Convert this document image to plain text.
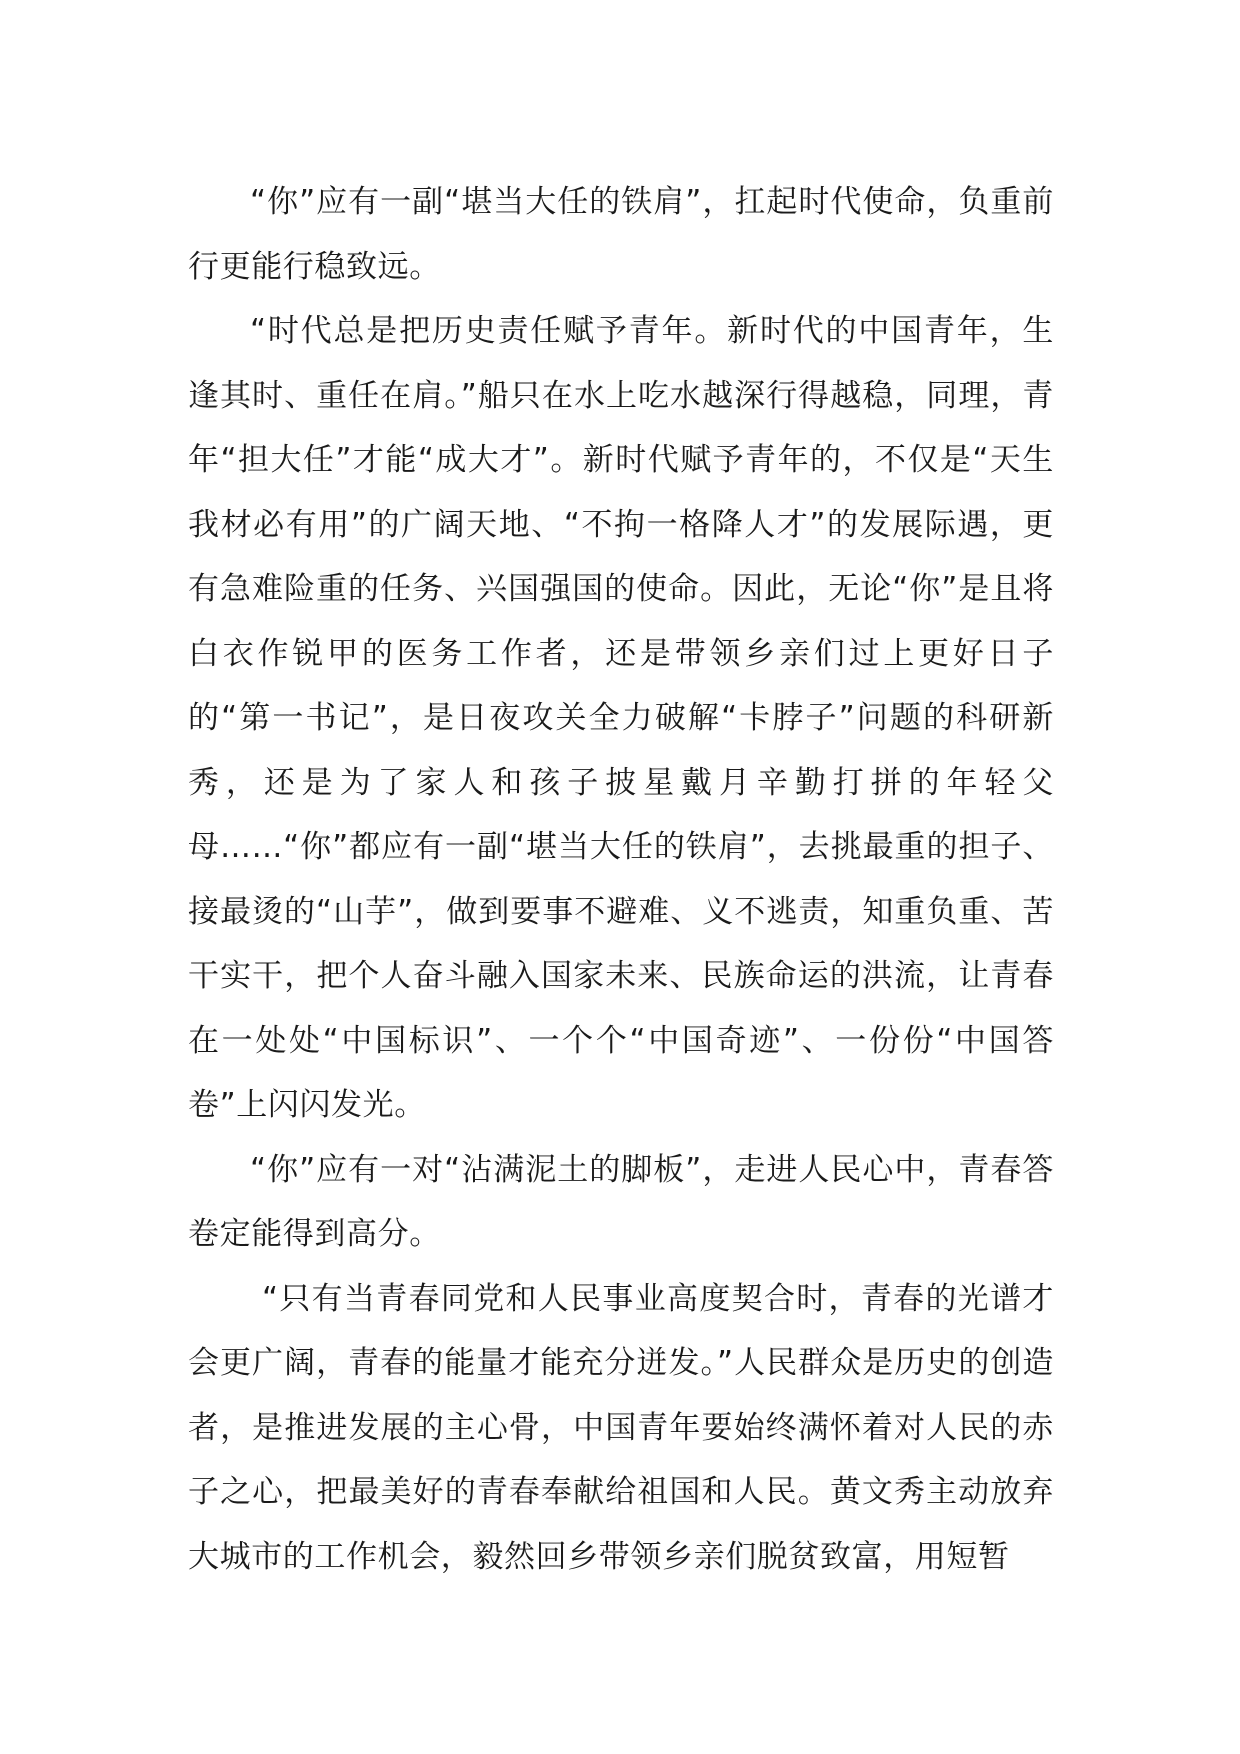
“你”应有一副“堪当大任的铁肩”，扛起时代使命，负重前行更能行稳致远。

“时代总是把历史责任赋予青年。新时代的中国青年，生逢其时、重任在肩。”船只在水上吃水越深行得越稳，同理，青年“担大任”才能“成大才”。新时代赋予青年的，不仅是“天生我材必有用”的广阔天地、“不拘一格降人才”的发展际遇，更有急难险重的任务、兴国强国的使命。因此，无论“你”是且将白衣作锐甲的医务工作者，还是带领乡亲们过上更好日子的“第一书记”，是日夜攻关全力破解“卡脖子”问题的科研新秀，还是为了家人和孩子披星戴月辛勤打拼的年轻父母……“你”都应有一副“堪当大任的铁肩”，去挑最重的担子、接最烫的“山芋”，做到要事不避难、义不逃责，知重负重、苦干实干，把个人奋斗融入国家未来、民族命运的洪流，让青春在一处处“中国标识”、一个个“中国奇迹”、一份份“中国答卷”上闪闪发光。

“你”应有一对“沾满泥土的脚板”，走进人民心中，青春答卷定能得到高分。

“只有当青春同党和人民事业高度契合时，青春的光谱才会更广阔，青春的能量才能充分迸发。”人民群众是历史的创造者，是推进发展的主心骨，中国青年要始终满怀着对人民的赤子之心，把最美好的青春奉献给祖国和人民。黄文秀主动放弃大城市的工作机会，毅然回乡带领乡亲们脱贫致富，用短暂
